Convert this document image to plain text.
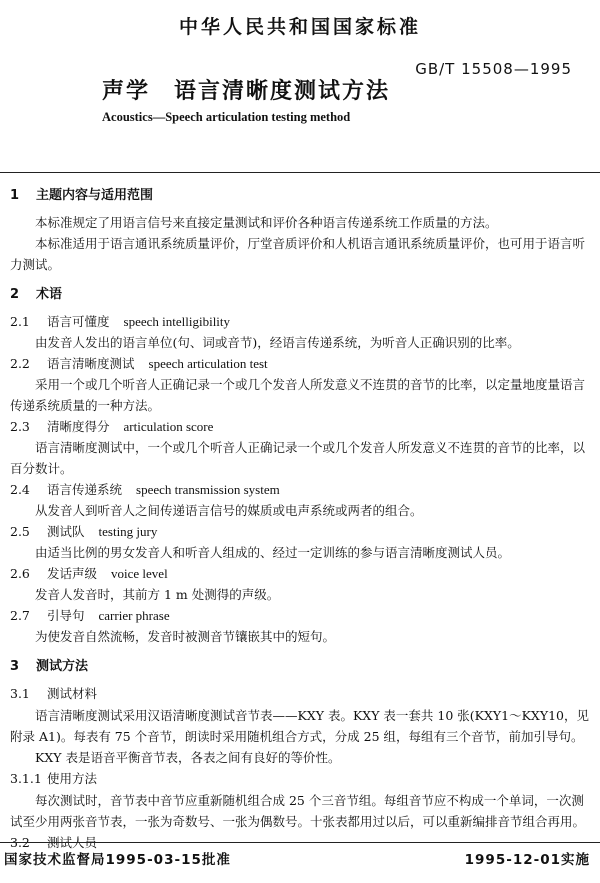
中华人民共和国国家标准
GB/T 15508—1995
声学　语言清晰度测试方法
Acoustics—Speech articulation testing method
1 主题内容与适用范围

本标准规定了用语言信号来直接定量测试和评价各种语言传递系统工作质量的方法。

本标准适用于语言通讯系统质量评价，厅堂音质评价和人机语言通讯系统质量评价，也可用于语言听力测试。

2 术语
2.1 语言可懂度 speech intelligibility

由发音人发出的语言单位(句、词或音节)，经语言传递系统，为听音人正确识别的比率。

2.2 语言清晰度测试 speech articulation test

采用一个或几个听音人正确记录一个或几个发音人所发意义不连贯的音节的比率，以定量地度量语言传递系统质量的一种方法。

2.3 清晰度得分 articulation score

语言清晰度测试中，一个或几个听音人正确记录一个或几个发音人所发意义不连贯的音节的比率，以百分数计。

2.4 语言传递系统 speech transmission system

从发音人到听音人之间传递语言信号的媒质或电声系统或两者的组合。

2.5 测试队 testing jury

由适当比例的男女发音人和听音人组成的、经过一定训练的参与语言清晰度测试人员。

2.6 发话声级 voice level

发音人发音时，其前方 1 m 处测得的声级。

2.7 引导句 carrier phrase

为使发音自然流畅，发音时被测音节镶嵌其中的短句。

3 测试方法
3.1 测试材料

语言清晰度测试采用汉语清晰度测试音节表——KXY 表。KXY 表一套共 10 张(KXY1～KXY10，见附录 A1)。每表有 75 个音节，朗读时采用随机组合方式，分成 25 组，每组有三个音节，前加引导句。

KXY 表是语音平衡音节表，各表之间有良好的等价性。

3.1.1 使用方法

每次测试时，音节表中音节应重新随机组合成 25 个三音节组。每组音节应不构成一个单词，一次测试至少用两张音节表，一张为奇数号、一张为偶数号。十张表都用过以后，可以重新编排音节组合再用。

3.2 测试人员
国家技术监督局1995-03-15批准	1995-12-01实施
